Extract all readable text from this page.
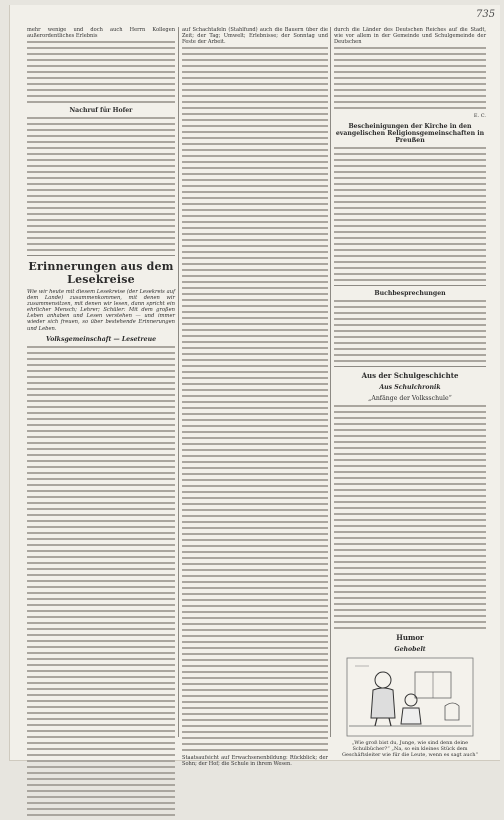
735
mehr wenige und doch auch Herrn Kollegen außerordentliches Erlebnis
Nachruf für Hofer
Erinnerungen aus dem Lesekreise
Wie wir heute mit diesem Lesekreise (der Lesekreis auf dem Lande) zusammenkommen, mit denen wir zusammensitzen, mit denen wir lesen, dann spricht ein ehrlicher Mensch; Lehrer; Schüler: Mit dem großen Leben anhaben und Lesen verstehen — und immer wieder sich freuen, so über bestehende Erinnerungen und Leben.
Volksgemeinschaft — Lesetreue
auf Schachtafeln (Stahlfund) auch die Bauern über die Zeit; der Tag; Umwelt; Erlebnisse; der Sonntag und Feste der Arbeit.
Staatsaufsicht auf Erwachsenenbildung: Rückblick; der Sohn; der Hof; die Schule in ihrem Wesen.
durch die Länder des Deutschen Reiches auf die Stadt, wie vor allem in der Gemeinde und Schulgemeinde der Deutschen
E. C.
Bescheinigungen der Kirche in den evangelischen Religionsgemeinschaften in Preußen
Buchbesprechungen
Aus der Schulgeschichte
Aus Schulchronik
„Anfänge der Volksschule“
Humor
Gehobelt
„Wie groß bist du, Junge, wie sind denn deine Schulbücher?“ „Na, so ein kleines Stück dem Geschäftsleiter wie für die Leute, wenn es sagt auch“
